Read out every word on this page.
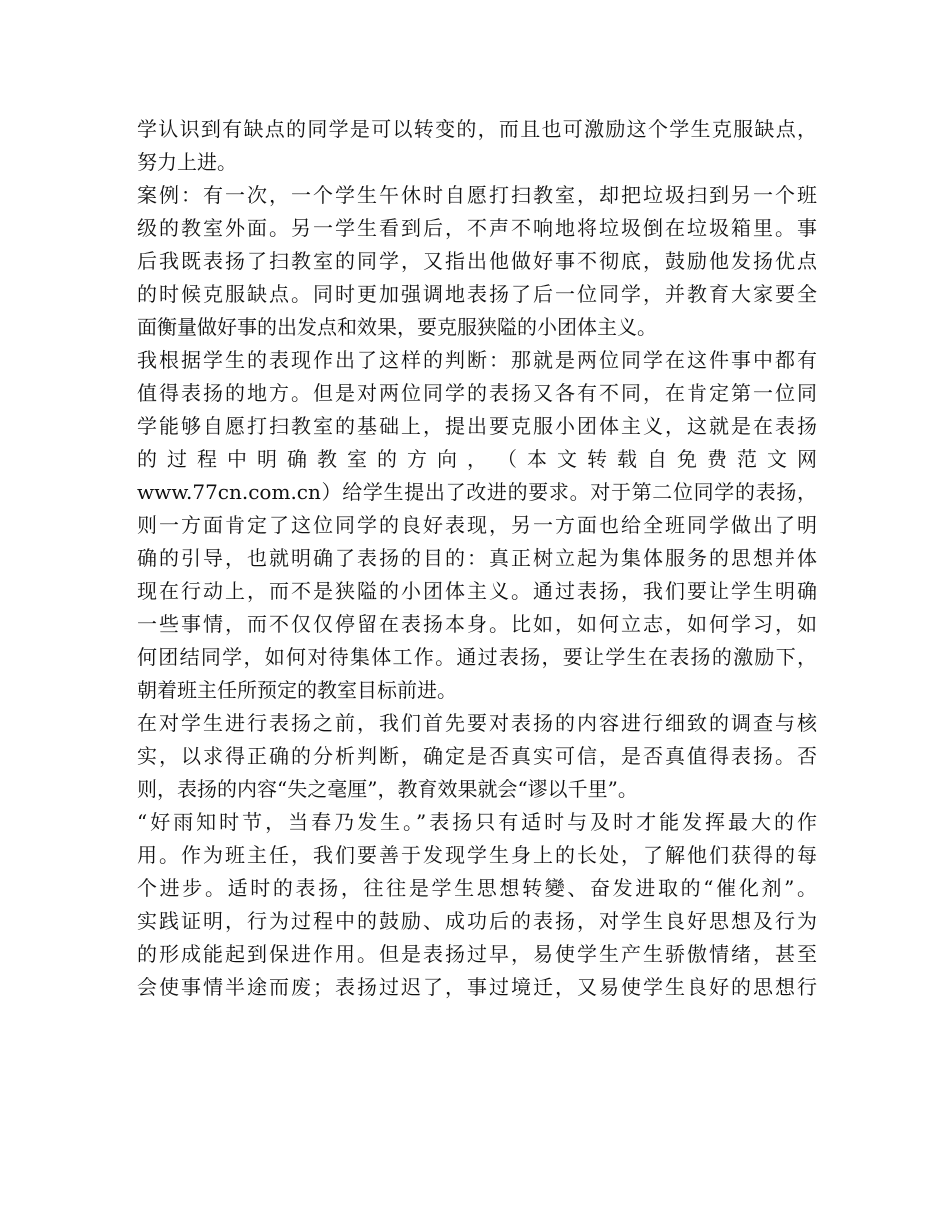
学认识到有缺点的同学是可以转变的，而且也可激励这个学生克服缺点，
努力上进。
案例：有一次，一个学生午休时自愿打扫教室，却把垃圾扫到另一个班
级的教室外面。另一学生看到后，不声不响地将垃圾倒在垃圾箱里。事
后我既表扬了扫教室的同学，又指出他做好事不彻底，鼓励他发扬优点
的时候克服缺点。同时更加强调地表扬了后一位同学，并教育大家要全
面衡量做好事的出发点和效果，要克服狭隘的小团体主义。
我根据学生的表现作出了这样的判断：那就是两位同学在这件事中都有
值得表扬的地方。但是对两位同学的表扬又各有不同，在肯定第一位同
学能够自愿打扫教室的基础上，提出要克服小团体主义，这就是在表扬
的 过 程 中 明 确 教 室 的 方 向 ， （ 本 文 转 载 自 免 费 范 文 网
www.77cn.com.cn）给学生提出了改进的要求。对于第二位同学的表扬，
则一方面肯定了这位同学的良好表现，另一方面也给全班同学做出了明
确的引导，也就明确了表扬的目的：真正树立起为集体服务的思想并体
现在行动上，而不是狭隘的小团体主义。通过表扬，我们要让学生明确
一些事情，而不仅仅停留在表扬本身。比如，如何立志，如何学习，如
何团结同学，如何对待集体工作。通过表扬，要让学生在表扬的激励下，
朝着班主任所预定的教室目标前进。
在对学生进行表扬之前，我们首先要对表扬的内容进行细致的调查与核
实，以求得正确的分析判断，确定是否真实可信，是否真值得表扬。否
则，表扬的内容“失之毫厘”，教育效果就会“谬以千里”。
“好雨知时节，当春乃发生。”表扬只有适时与及时才能发挥最大的作
用。作为班主任，我们要善于发现学生身上的长处，了解他们获得的每
个进步。适时的表扬，往往是学生思想转變、奋发进取的“催化剂”。
实践证明，行为过程中的鼓励、成功后的表扬，对学生良好思想及行为
的形成能起到保进作用。但是表扬过早，易使学生产生骄傲情绪，甚至
会使事情半途而废；表扬过迟了，事过境迁，又易使学生良好的思想行
